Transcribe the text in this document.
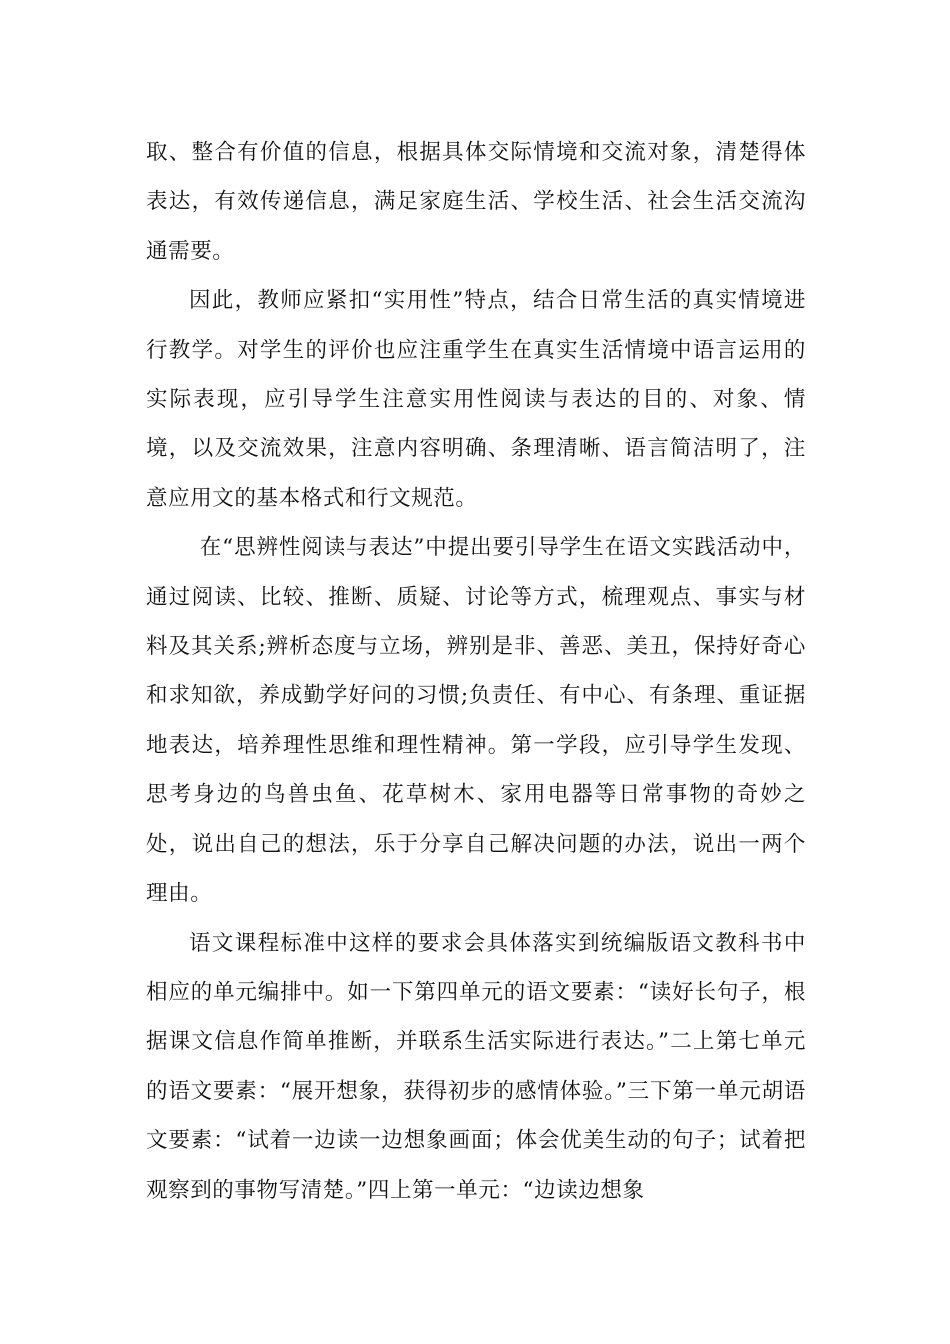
取、整合有价值的信息，根据具体交际情境和交流对象，清楚得体表达，有效传递信息，满足家庭生活、学校生活、社会生活交流沟通需要。

因此，教师应紧扣“实用性”特点，结合日常生活的真实情境进行教学。对学生的评价也应注重学生在真实生活情境中语言运用的实际表现，应引导学生注意实用性阅读与表达的目的、对象、情境，以及交流效果，注意内容明确、条理清晰、语言简洁明了，注意应用文的基本格式和行文规范。

在“思辨性阅读与表达”中提出要引导学生在语文实践活动中，通过阅读、比较、推断、质疑、讨论等方式，梳理观点、事实与材料及其关系;辨析态度与立场，辨别是非、善恶、美丑，保持好奇心和求知欲，养成勤学好问的习惯;负责任、有中心、有条理、重证据地表达，培养理性思维和理性精神。第一学段，应引导学生发现、思考身边的鸟兽虫鱼、花草树木、家用电器等日常事物的奇妙之处，说出自己的想法，乐于分享自己解决问题的办法，说出一两个理由。

语文课程标准中这样的要求会具体落实到统编版语文教科书中相应的单元编排中。如一下第四单元的语文要素：“读好长句子，根据课文信息作简单推断，并联系生活实际进行表达。”二上第七单元的语文要素：“展开想象，获得初步的感情体验。”三下第一单元胡语文要素：“试着一边读一边想象画面；体会优美生动的句子；试着把观察到的事物写清楚。”四上第一单元：“边读边想象
